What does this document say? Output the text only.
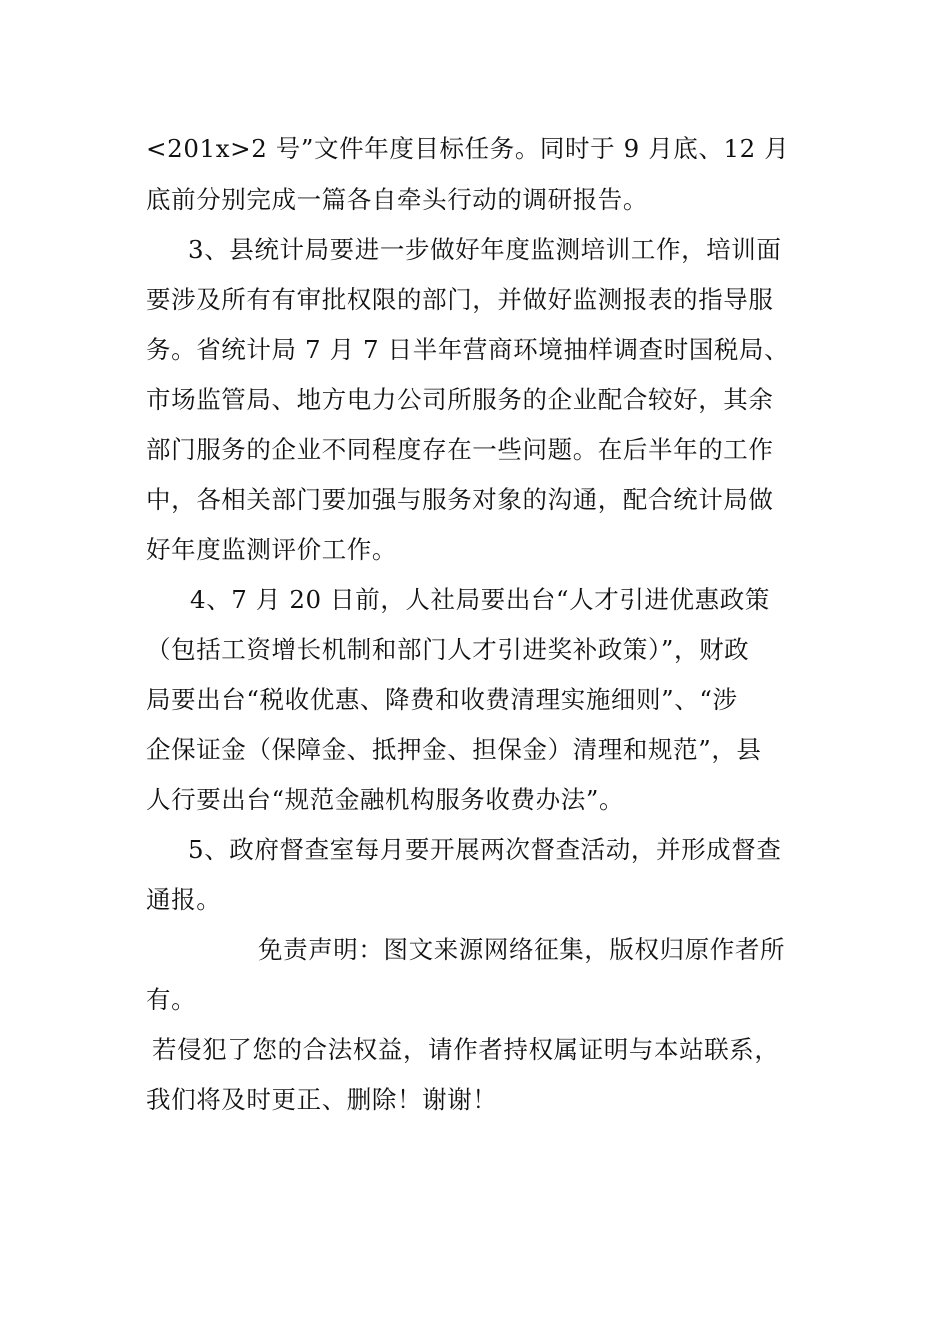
<201x>2 号”文件年度目标任务。同时于 9 月底、12 月
底前分别完成一篇各自牵头行动的调研报告。
3、县统计局要进一步做好年度监测培训工作，培训面
要涉及所有有审批权限的部门，并做好监测报表的指导服
务。省统计局 7 月 7 日半年营商环境抽样调查时国税局、
市场监管局、地方电力公司所服务的企业配合较好，其余
部门服务的企业不同程度存在一些问题。在后半年的工作
中，各相关部门要加强与服务对象的沟通，配合统计局做
好年度监测评价工作。
4、7 月 20 日前，人社局要出台“人才引进优惠政策
（包括工资增长机制和部门人才引进奖补政策）”，财政
局要出台“税收优惠、降费和收费清理实施细则”、“涉
企保证金（保障金、抵押金、担保金）清理和规范”，县
人行要出台“规范金融机构服务收费办法”。
5、政府督查室每月要开展两次督查活动，并形成督查
通报。
免责声明：图文来源网络征集，版权归原作者所
有。
若侵犯了您的合法权益，请作者持权属证明与本站联系，
我们将及时更正、删除！谢谢！
